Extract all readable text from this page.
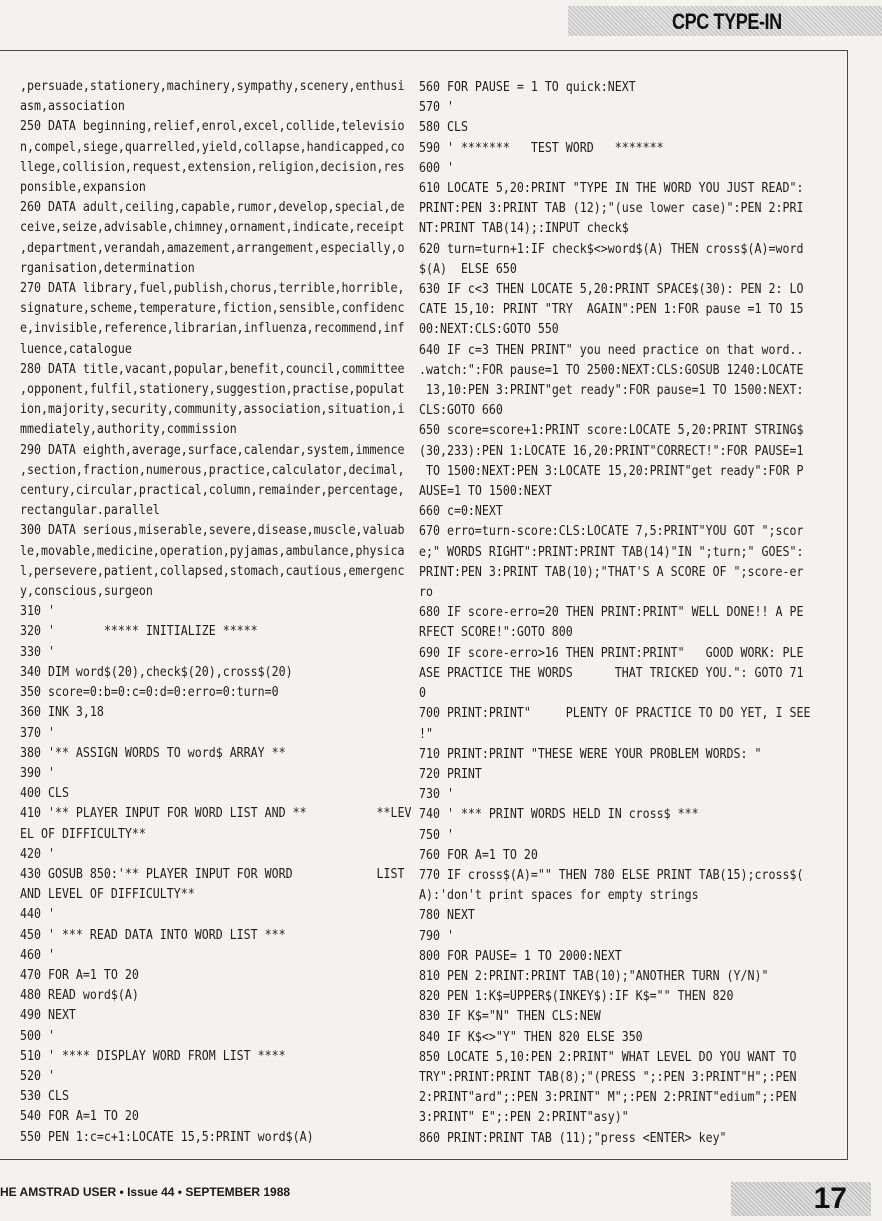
CPC TYPE-IN
,persuade,stationery,machinery,sympathy,scenery,enthusi
asm,association
250 DATA beginning,relief,enrol,excel,collide,televisio
n,compel,siege,quarrelled,yield,collapse,handicapped,co
llege,collision,request,extension,religion,decision,res
ponsible,expansion
260 DATA adult,ceiling,capable,rumor,develop,special,de
ceive,seize,advisable,chimney,ornament,indicate,receipt
,department,verandah,amazement,arrangement,especially,o
rganisation,determination
270 DATA library,fuel,publish,chorus,terrible,horrible,
signature,scheme,temperature,fiction,sensible,confidenc
e,invisible,reference,librarian,influenza,recommend,inf
luence,catalogue
280 DATA title,vacant,popular,benefit,council,committee
,opponent,fulfil,stationery,suggestion,practise,populat
ion,majority,security,community,association,situation,i
mmediately,authority,commission
290 DATA eighth,average,surface,calendar,system,immence
,section,fraction,numerous,practice,calculator,decimal,
century,circular,practical,column,remainder,percentage,
rectangular.parallel
300 DATA serious,miserable,severe,disease,muscle,valuab
le,movable,medicine,operation,pyjamas,ambulance,physica
l,persevere,patient,collapsed,stomach,cautious,emergenc
y,conscious,surgeon
310 '
320 '       ***** INITIALIZE *****
330 '
340 DIM word$(20),check$(20),cross$(20)
350 score=0:b=0:c=0:d=0:erro=0:turn=0
360 INK 3,18
370 '
380 '** ASSIGN WORDS TO word$ ARRAY **
390 '
400 CLS
410 '** PLAYER INPUT FOR WORD LIST AND **          **LEV
EL OF DIFFICULTY**
420 '
430 GOSUB 850:'** PLAYER INPUT FOR WORD            LIST
AND LEVEL OF DIFFICULTY**
440 '
450 ' *** READ DATA INTO WORD LIST ***
460 '
470 FOR A=1 TO 20
480 READ word$(A)
490 NEXT
500 '
510 ' **** DISPLAY WORD FROM LIST ****
520 '
530 CLS
540 FOR A=1 TO 20
550 PEN 1:c=c+1:LOCATE 15,5:PRINT word$(A)
560 FOR PAUSE = 1 TO quick:NEXT
570 '
580 CLS
590 ' *******   TEST WORD   *******
600 '
610 LOCATE 5,20:PRINT "TYPE IN THE WORD YOU JUST READ":
PRINT:PEN 3:PRINT TAB (12);"(use lower case)":PEN 2:PRI
NT:PRINT TAB(14);:INPUT check$
620 turn=turn+1:IF check$<>word$(A) THEN cross$(A)=word
$(A)  ELSE 650
630 IF c<3 THEN LOCATE 5,20:PRINT SPACE$(30): PEN 2: LO
CATE 15,10: PRINT "TRY  AGAIN":PEN 1:FOR pause =1 TO 15
00:NEXT:CLS:GOTO 550
640 IF c=3 THEN PRINT" you need practice on that word..
.watch:":FOR pause=1 TO 2500:NEXT:CLS:GOSUB 1240:LOCATE
13,10:PEN 3:PRINT"get ready":FOR pause=1 TO 1500:NEXT:
CLS:GOTO 660
650 score=score+1:PRINT score:LOCATE 5,20:PRINT STRING$
(30,233):PEN 1:LOCATE 16,20:PRINT"CORRECT!":FOR PAUSE=1
TO 1500:NEXT:PEN 3:LOCATE 15,20:PRINT"get ready":FOR P
AUSE=1 TO 1500:NEXT
660 c=0:NEXT
670 erro=turn-score:CLS:LOCATE 7,5:PRINT"YOU GOT ";scor
e;" WORDS RIGHT":PRINT:PRINT TAB(14)"IN ";turn;" GOES":
PRINT:PEN 3:PRINT TAB(10);"THAT'S A SCORE OF ";score-er
ro
680 IF score-erro=20 THEN PRINT:PRINT" WELL DONE!! A PE
RFECT SCORE!":GOTO 800
690 IF score-erro>16 THEN PRINT:PRINT"   GOOD WORK: PLE
ASE PRACTICE THE WORDS      THAT TRICKED YOU.": GOTO 71
0
700 PRINT:PRINT"     PLENTY OF PRACTICE TO DO YET, I SEE
!"
710 PRINT:PRINT "THESE WERE YOUR PROBLEM WORDS: "
720 PRINT
730 '
740 ' *** PRINT WORDS HELD IN cross$ ***
750 '
760 FOR A=1 TO 20
770 IF cross$(A)="" THEN 780 ELSE PRINT TAB(15);cross$(
A):'don't print spaces for empty strings
780 NEXT
790 '
800 FOR PAUSE= 1 TO 2000:NEXT
810 PEN 2:PRINT:PRINT TAB(10);"ANOTHER TURN (Y/N)"
820 PEN 1:K$=UPPER$(INKEY$):IF K$="" THEN 820
830 IF K$="N" THEN CLS:NEW
840 IF K$<>"Y" THEN 820 ELSE 350
850 LOCATE 5,10:PEN 2:PRINT" WHAT LEVEL DO YOU WANT TO
TRY":PRINT:PRINT TAB(8);"(PRESS ";:PEN 3:PRINT"H";:PEN
2:PRINT"ard";:PEN 3:PRINT" M";:PEN 2:PRINT"edium";:PEN
3:PRINT" E";:PEN 2:PRINT"asy)"
860 PRINT:PRINT TAB (11);"press <ENTER> key"
HE AMSTRAD USER • Issue 44 • SEPTEMBER 1988	17
